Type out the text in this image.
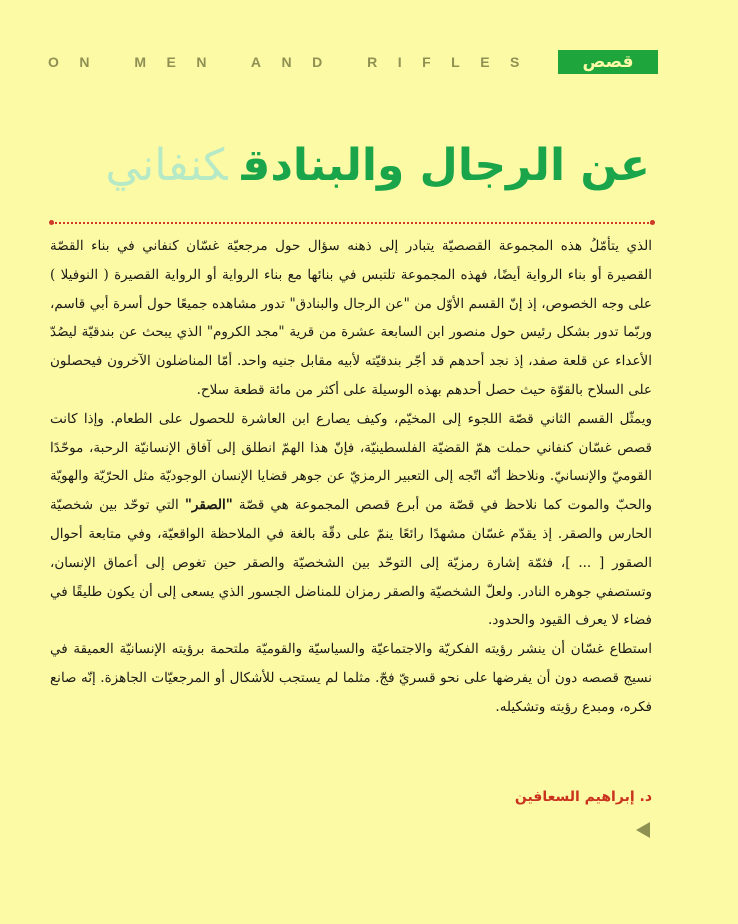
ON MEN AND RIFLES	قصص
عن الرجال والبنادقكنفاني

الذي يتأمّلُ هذه المجموعة القصصيّة يتبادر إلى ذهنه سؤال حول مرجعيّة غسّان كنفاني في بناء القصّة القصيرة أو بناء الرواية أيضًا، فهذه المجموعة تلتبس في بنائها مع بناء الرواية أو الرواية القصيرة ( النوفيلا ) على وجه الخصوص، إذ إنّ القسم الأوّل من "عن الرجال والبنادق" تدور مشاهده جميعًا حول أسرة أبي قاسم، وربّما تدور بشكل رئيس حول منصور ابن السابعة عشرة من قرية "مجد الكروم" الذي يبحث عن بندقيّة ليصُدّ الأعداء عن قلعة صفد، إذ نجد أحدهم قد أجّر بندقيّته لأبيه مقابل جنيه واحد. أمّا المناضلون الآخرون فيحصلون على السلاح بالقوّة حيث حصل أحدهم بهذه الوسيلة على أكثر من مائة قطعة سلاح.

ويمثّل القسم الثاني قصّة اللجوء إلى المخيّم، وكيف يصارع ابن العاشرة للحصول على الطعام. وإذا كانت قصص غسّان كنفاني حملت همّ القضيّة الفلسطينيّة، فإنّ هذا الهمّ انطلق إلى آفاق الإنسانيّة الرحبة، موحّدًا القوميّ والإنسانيّ. ونلاحظ أنّه اتّجه إلى التعبير الرمزيّ عن جوهر قضايا الإنسان الوجوديّة مثل الحرّيّة والهويّة والحبّ والموت كما نلاحظ في قصّة من أبرع قصص المجموعة هي قصّة "الصقر" التي توحّد بين شخصيّة الحارس والصقر. إذ يقدّم غسّان مشهدًا رائعًا ينمّ على دقّة بالغة في الملاحظة الواقعيّة، وفي متابعة أحوال الصقور [ ... ]، فثمّة إشارة رمزيّة إلى التوحّد بين الشخصيّة والصقر حين تغوص إلى أعماق الإنسان، وتستصفي جوهره النادر. ولعلّ الشخصيّة والصقر رمزان للمناضل الجسور الذي يسعى إلى أن يكون طليقًا في فضاء لا يعرف القيود والحدود.

استطاع غسّان أن ينشر رؤيته الفكريّة والاجتماعيّة والسياسيّة والقوميّة ملتحمة برؤيته الإنسانيّة العميقة في نسيج قصصه دون أن يفرضها على نحو قسريّ فجّ. مثلما لم يستجب للأشكال أو المرجعيّات الجاهزة. إنّه صانع فكره، ومبدع رؤيته وتشكيله.

د. إبراهيم السعافين
